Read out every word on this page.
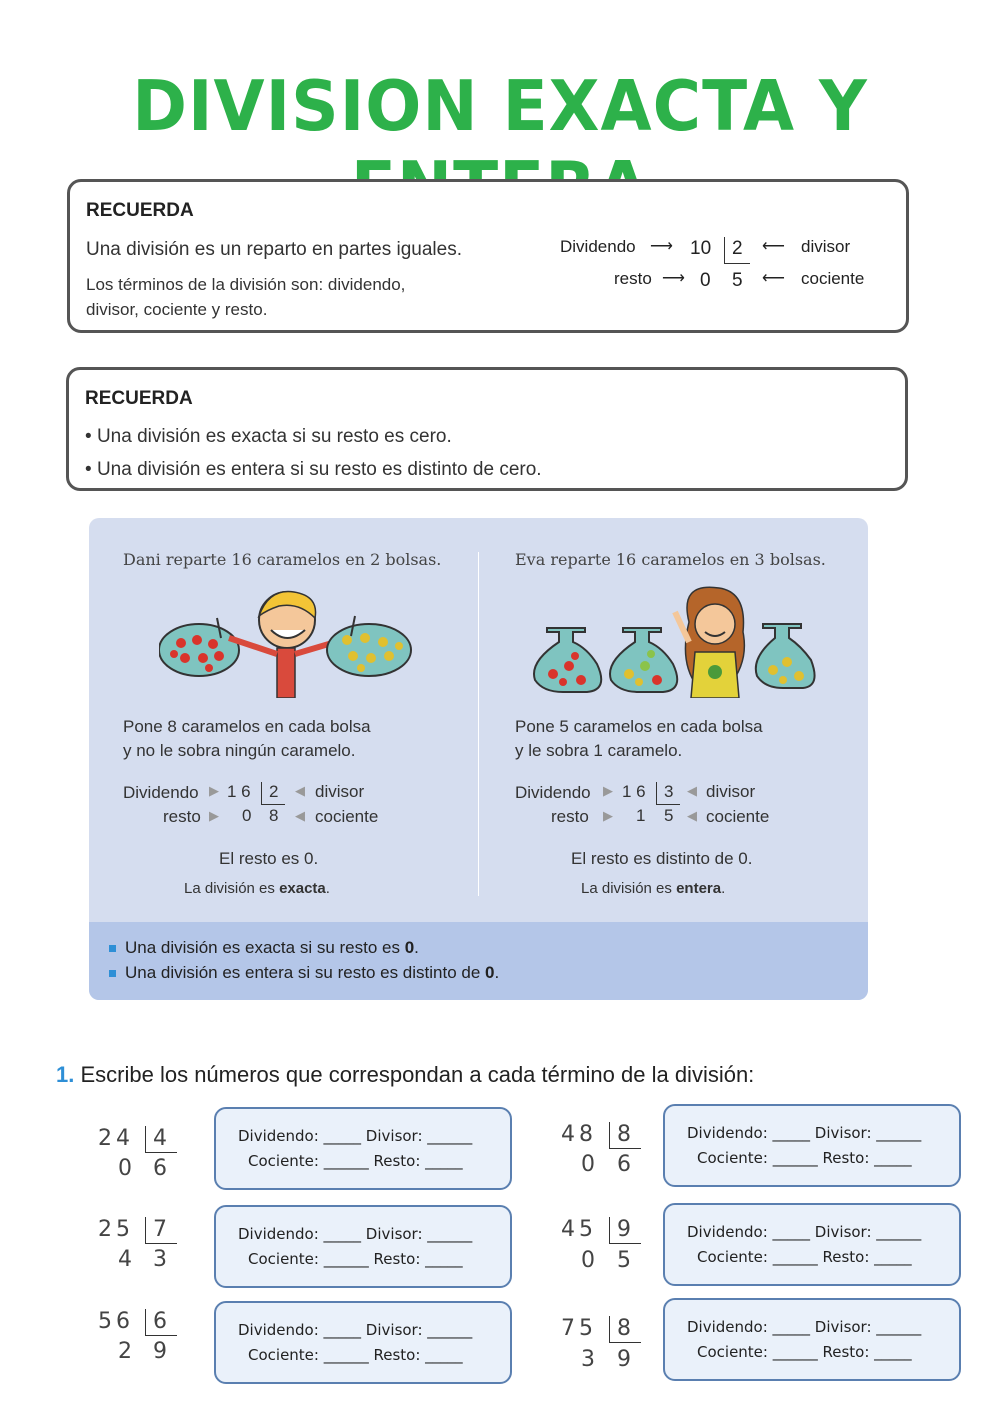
DIVISION EXACTA Y
RECUERDA
Una división es un reparto en partes iguales.
Los términos de la división son: dividendo,
divisor, cociente y resto.
Dividendo ⟶ 10 2 ⟵ divisor
resto ⟶ 0 5 ⟵ cociente
RECUERDA
• Una división es exacta si su resto es cero.
• Una división es entera si su resto es distinto de cero.
Dani reparte 16 caramelos en 2 bolsas.
Pone 8 caramelos en cada bolsa
y no le sobra ningún caramelo.
Dividendo ▶ 1 6 2 ◀ divisor
resto ▶ 0 8 ◀ cociente
El resto es 0.
La división es exacta.
Eva reparte 16 caramelos en 3 bolsas.
Pone 5 caramelos en cada bolsa
y le sobra 1 caramelo.
Dividendo ▶ 1 6 3 ◀ divisor
resto ▶ 1 5 ◀ cociente
El resto es distinto de 0.
La división es entera.
Una división es exacta si su resto es 0.
Una división es entera si su resto es distinto de 0.
1. Escribe los números que correspondan a cada término de la división:
24 4
0 6
Dividendo: _____ Divisor: ______
Cociente: ______ Resto: _____
48 8
0 6
Dividendo: _____ Divisor: ______
Cociente: ______ Resto: _____
25 7
4 3
Dividendo: _____ Divisor: ______
Cociente: ______ Resto: _____
45 9
0 5
Dividendo: _____ Divisor: ______
Cociente: ______ Resto: _____
56 6
2 9
Dividendo: _____ Divisor: ______
Cociente: ______ Resto: _____
75 8
3 9
Dividendo: _____ Divisor: ______
Cociente: ______ Resto: _____
